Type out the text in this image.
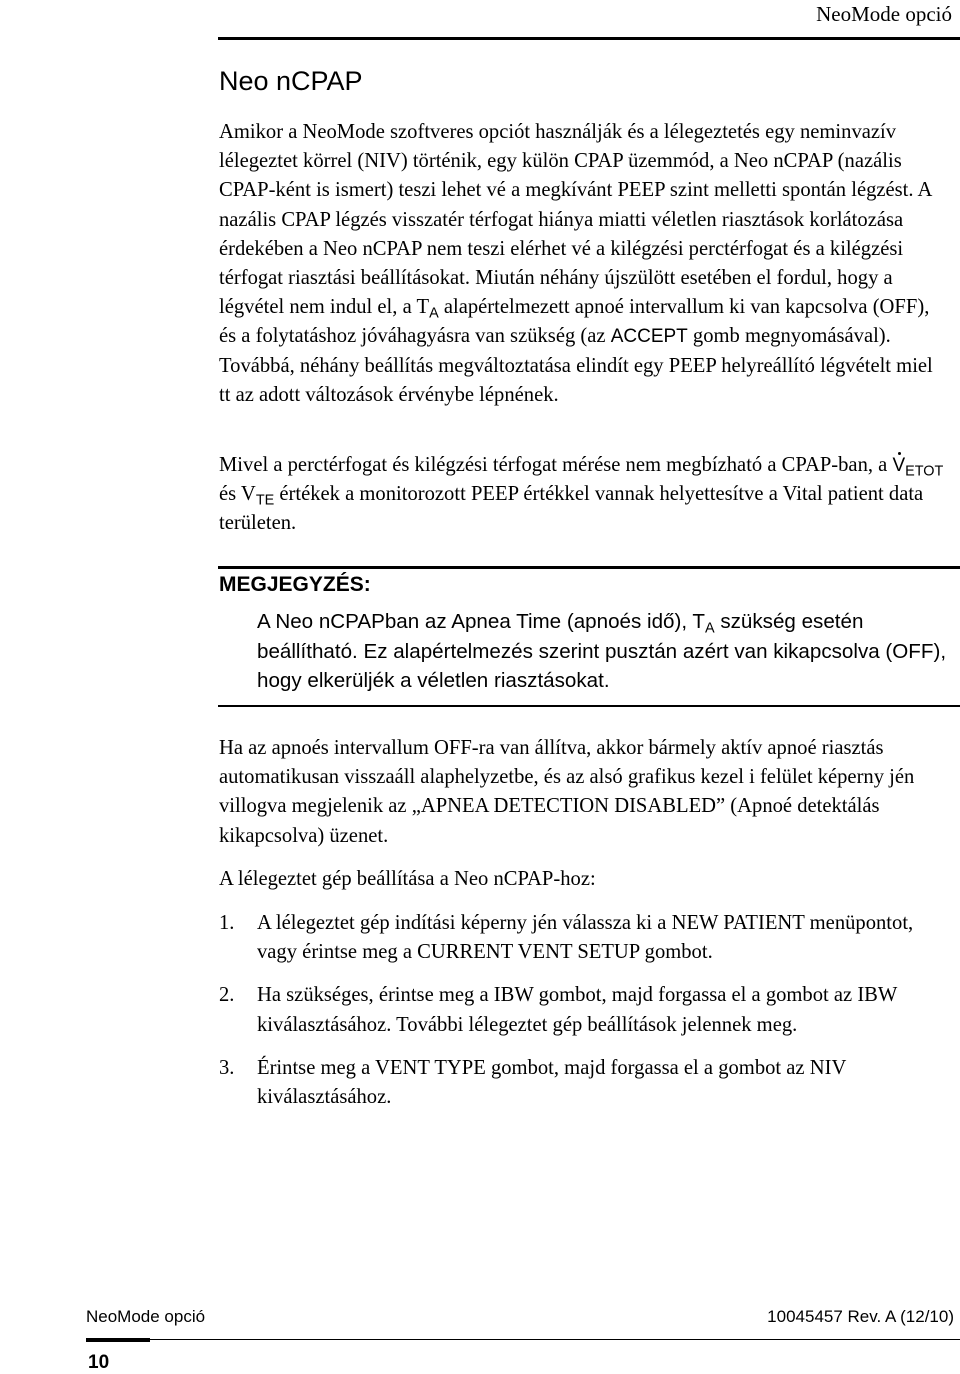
NeoMode opció
Neo nCPAP

Amikor a NeoMode szoftveres opciót használják és a lélegeztetés egy neminvazív lélegeztet körrel (NIV) történik, egy külön CPAP üzemmód, a Neo nCPAP (nazális CPAP-ként is ismert) teszi lehet vé a megkívánt PEEP szint melletti spontán légzést. A nazális CPAP légzés visszatér térfogat hiánya miatti véletlen riasztások korlátozása érdekében a Neo nCPAP nem teszi elérhet vé a kilégzési perctérfogat és a kilégzési térfogat riasztási beállításokat. Miután néhány újszülött esetében el fordul, hogy a légvétel nem indul el, a $T_A$ alapértelmezett apnoé intervallum ki van kapcsolva (OFF), és a folytatáshoz jóváhagyásra van szükség (az ACCEPT gomb megnyomásával). Továbbá, néhány beállítás megváltoztatása elindít egy PEEP helyreállító légvételt miel tt az adott változások érvénybe lépnének.

Mivel a perctérfogat és kilégzési térfogat mérése nem megbízható a CPAP-ban, a $V_{ETOT}$ és $V_{TE}$ értékek a monitorozott PEEP értékkel vannak helyettesítve a Vital patient data területen.

MEGJEGYZÉS:

A Neo nCPAPban az Apnea Time (apnoés idő), $T_A$ szükség esetén beállítható. Ez alapértelmezés szerint pusztán azért van kikapcsolva (OFF), hogy elkerüljék a véletlen riasztásokat.

Ha az apnoés intervallum OFF-ra van állítva, akkor bármely aktív apnoé riasztás automatikusan visszaáll alaphelyzetbe, és az alsó grafikus kezel i felület képerny jén villogva megjelenik az „APNEA DETECTION DISABLED” (Apnoé detektálás kikapcsolva) üzenet.

A lélegeztet gép beállítása a Neo nCPAP-hoz:

1. A lélegeztet gép indítási képerny jén válassza ki a NEW PATIENT menüpontot, vagy érintse meg a CURRENT VENT SETUP gombot.
2. Ha szükséges, érintse meg a IBW gombot, majd forgassa el a gombot az IBW kiválasztásához. További lélegeztet gép beállítások jelennek meg.
3. Érintse meg a VENT TYPE gombot, majd forgassa el a gombot az NIV kiválasztásához.
NeoMode opció	10045457 Rev. A (12/10)
10
